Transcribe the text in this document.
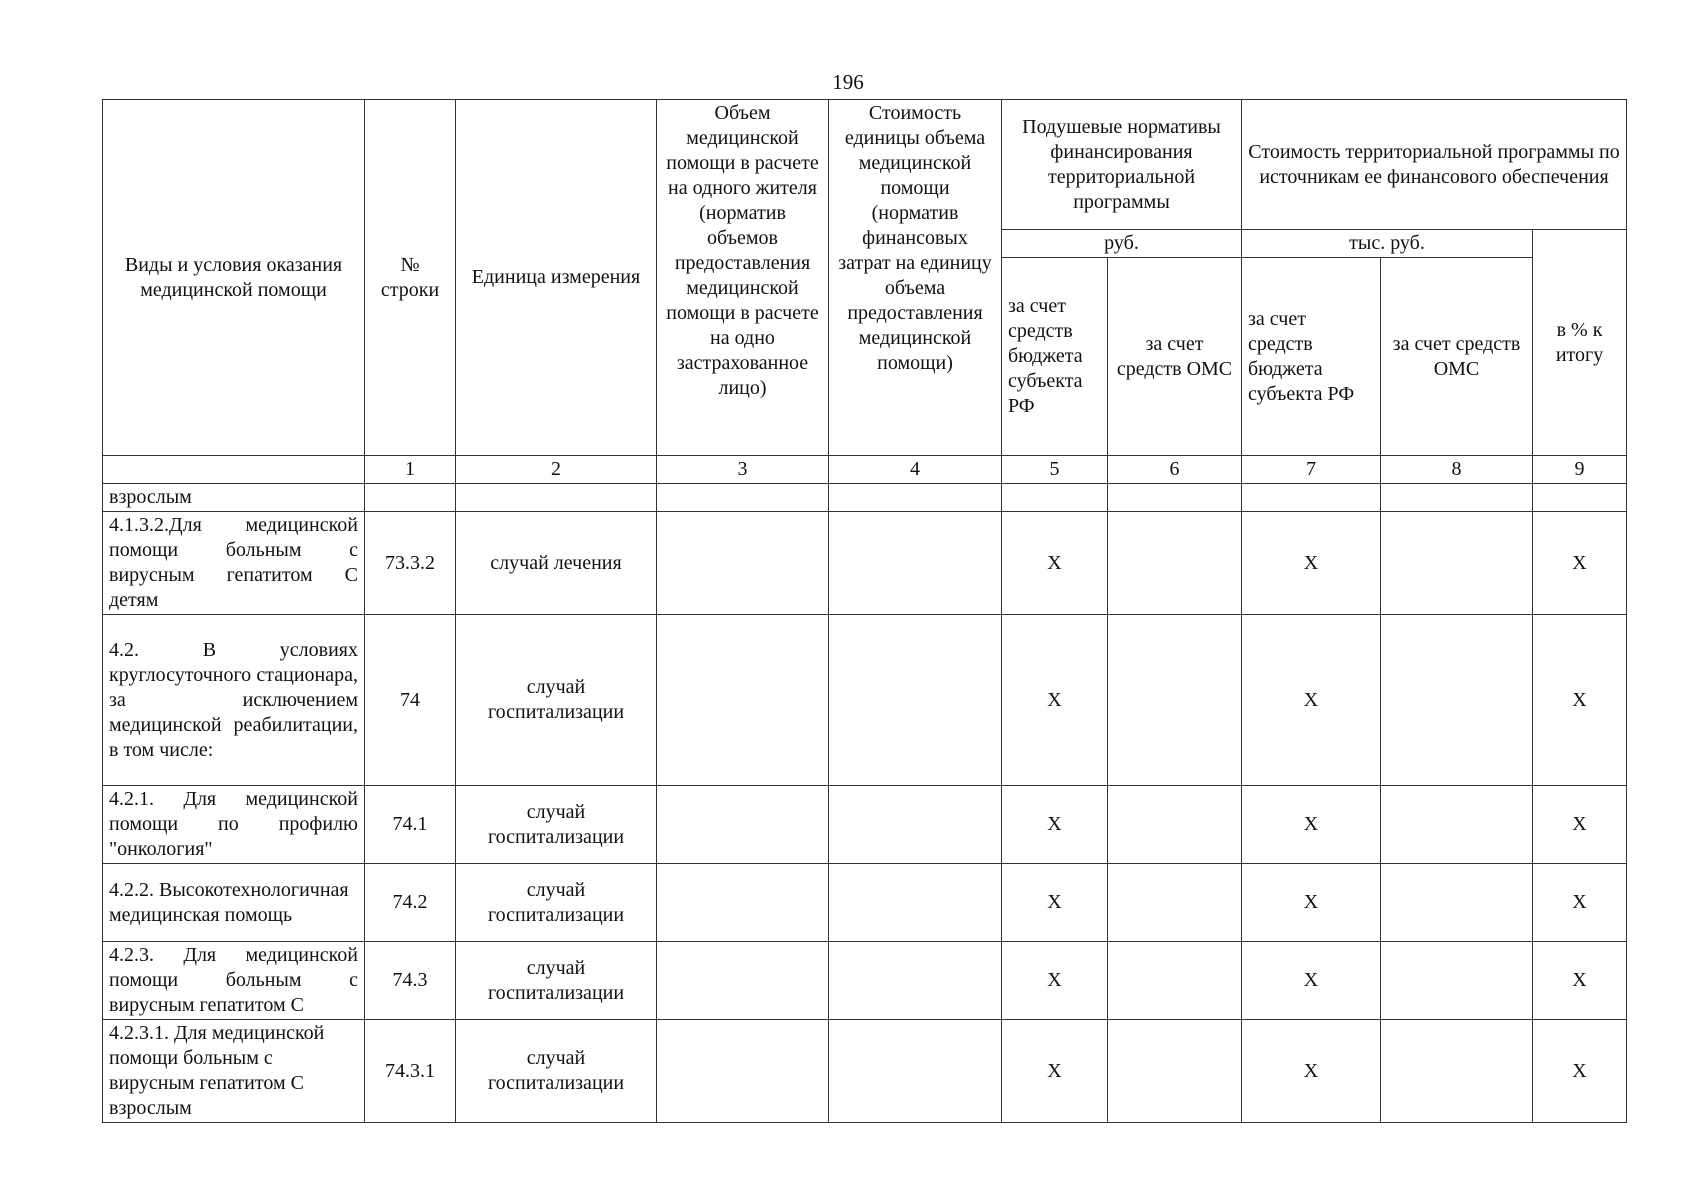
196
Виды и условия оказания медицинской помощи	№ строки	Единица измерения	Объем медицинской помощи в расчете на одного жителя (норматив объемов предоставления медицинской помощи в расчете на одно застрахованное лицо)	Стоимость единицы объема медицинской помощи (норматив финансовых затрат на единицу объема предоставления медицинской помощи)	Подушевые нормативы финансирования территориальной программы		Стоимость территориальной программы по источникам ее финансового обеспечения		
					руб.		тыс. руб.		в % к итогу
					за счет средств бюджета субъекта РФ	за счет средств ОМС	за счет средств бюджета субъекта РФ	за счет средств ОМС	
	1	2	3	4	5	6	7	8	9
взрослым									
4.1.3.2.Для медицинской помощи больным с вирусным гепатитом С детям	73.3.2	случай лечения			X		X		X
4.2. В условиях круглосуточного стационара, за исключением медицинской реабилитации, в том числе:	74	случай госпитализации			X		X		X
4.2.1. Для медицинской помощи по профилю "онкология"	74.1	случай госпитализации			X		X		X
4.2.2. Высокотехнологичная медицинская помощь	74.2	случай госпитализации			X		X		X
4.2.3. Для медицинской помощи больным с вирусным гепатитом С	74.3	случай госпитализации			X		X		X
4.2.3.1. Для медицинской помощи больным с вирусным гепатитом С взрослым	74.3.1	случай госпитализации			X		X		X
